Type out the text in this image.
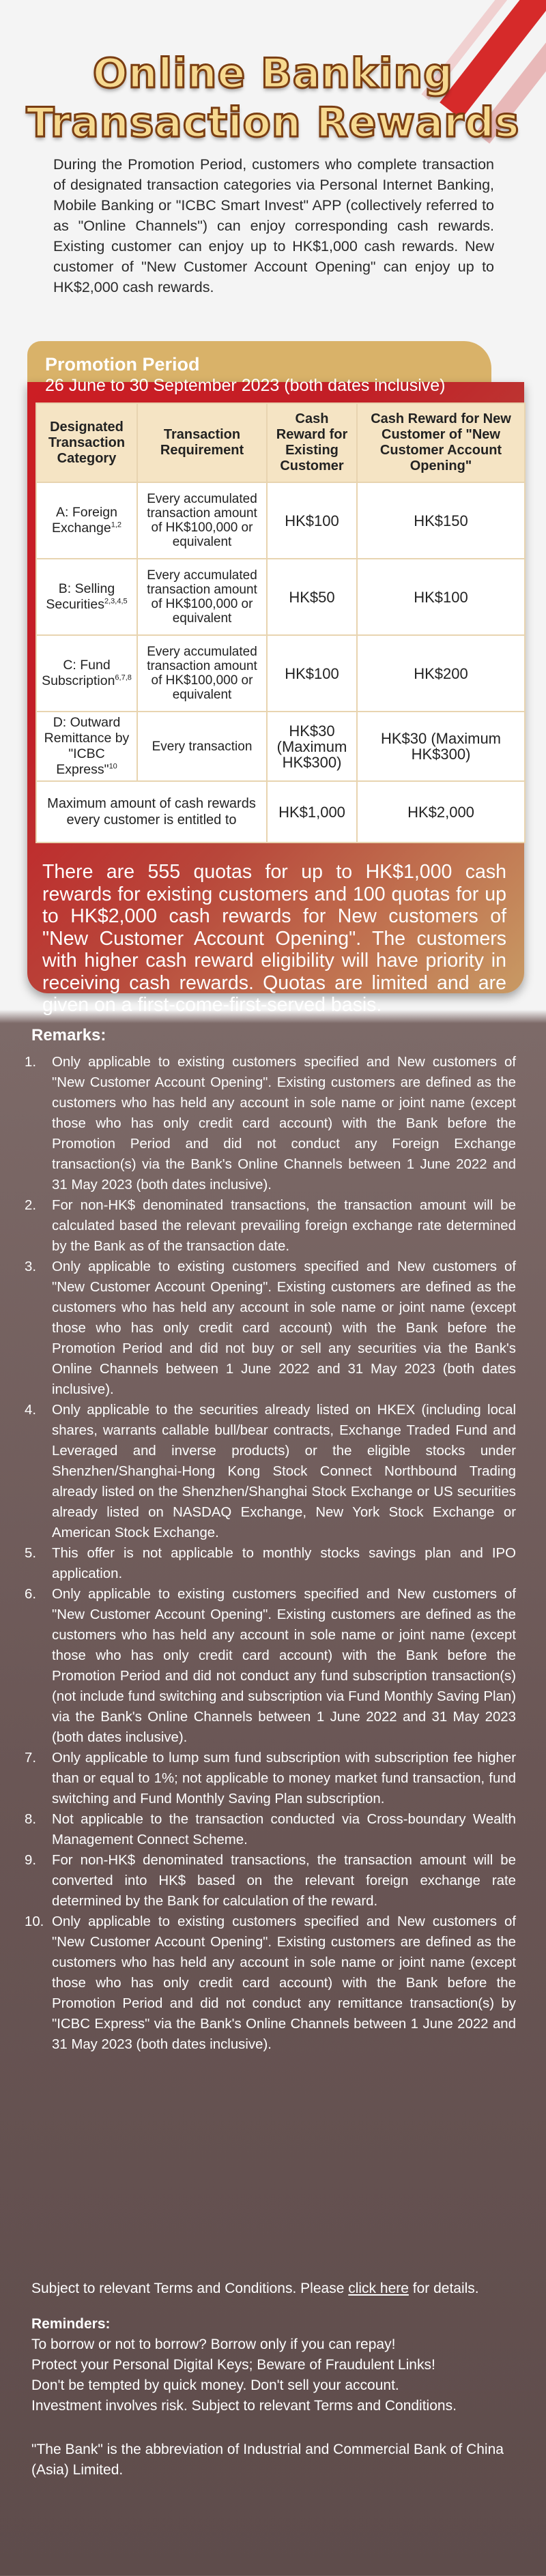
Online Banking
Transaction Rewards

During the Promotion Period, customers who complete transaction of designated transaction categories via Personal Internet Banking, Mobile Banking or "ICBC Smart Invest" APP (collectively referred to as "Online Channels") can enjoy corresponding cash rewards. Existing customer can enjoy up to HK$1,000 cash rewards. New customer of "New Customer Account Opening" can enjoy up to HK$2,000 cash rewards.

Promotion Period
26 June to 30 September 2023 (both dates inclusive)
Designated Transaction Category	Transaction Requirement	Cash Reward for Existing Customer	Cash Reward for New Customer of "New Customer Account Opening"
A: Foreign Exchange$^{1,2}$	Every accumulated transaction amount of HK$100,000 or equivalent	HK$100	HK$150
B: Selling Securities$^{2,3,4,5}$	Every accumulated transaction amount of HK$100,000 or equivalent	HK$50	HK$100
C: Fund Subscription$^{6,7,8}$	Every accumulated transaction amount of HK$100,000 or equivalent	HK$100	HK$200
D: Outward Remittance by "ICBC Express"$^{10}$	Every transaction	HK$30 (Maximum HK$300)	HK$30 (Maximum HK$300)
Maximum amount of cash rewards every customer is entitled to		HK$1,000	HK$2,000

There are 555 quotas for up to HK$1,000 cash rewards for existing customers and 100 quotas for up to HK$2,000 cash rewards for New customers of "New Customer Account Opening". The customers with higher cash reward eligibility will have priority in receiving cash rewards. Quotas are limited and are given on a first-come-first-served basis.

Remarks:
1.	Only applicable to existing customers specified and New customers of "New Customer Account Opening". Existing customers are defined as the customers who has held any account in sole name or joint name (except those who has only credit card account) with the Bank before the Promotion Period and did not conduct any Foreign Exchange transaction(s) via the Bank's Online Channels between 1 June 2022 and 31 May 2023 (both dates inclusive).
2.	For non-HK$ denominated transactions, the transaction amount will be calculated based the relevant prevailing foreign exchange rate determined by the Bank as of the transaction date.
3.	Only applicable to existing customers specified and New customers of "New Customer Account Opening". Existing customers are defined as the customers who has held any account in sole name or joint name (except those who has only credit card account) with the Bank before the Promotion Period and did not buy or sell any securities via the Bank's Online Channels between 1 June 2022 and 31 May 2023 (both dates inclusive).
4.	Only applicable to the securities already listed on HKEX (including local shares, warrants callable bull/bear contracts, Exchange Traded Fund and Leveraged and inverse products) or the eligible stocks under Shenzhen/Shanghai-Hong Kong Stock Connect Northbound Trading already listed on the Shenzhen/Shanghai Stock Exchange or US securities already listed on NASDAQ Exchange, New York Stock Exchange or American Stock Exchange.
5.	This offer is not applicable to monthly stocks savings plan and IPO application.
6.	Only applicable to existing customers specified and New customers of "New Customer Account Opening". Existing customers are defined as the customers who has held any account in sole name or joint name (except those who has only credit card account) with the Bank before the Promotion Period and did not conduct any fund subscription transaction(s) (not include fund switching and subscription via Fund Monthly Saving Plan) via the Bank's Online Channels between 1 June 2022 and 31 May 2023 (both dates inclusive).
7.	Only applicable to lump sum fund subscription with subscription fee higher than or equal to 1%; not applicable to money market fund transaction, fund switching and Fund Monthly Saving Plan subscription.
8.	Not applicable to the transaction conducted via Cross-boundary Wealth Management Connect Scheme.
9.	For non-HK$ denominated transactions, the transaction amount will be converted into HK$ based on the relevant foreign exchange rate determined by the Bank for calculation of the reward.
10. Only applicable to existing customers specified and New customers of "New Customer Account Opening". Existing customers are defined as the customers who has held any account in sole name or joint name (except those who has only credit card account) with the Bank before the Promotion Period and did not conduct any remittance transaction(s) by "ICBC Express" via the Bank's Online Channels between 1 June 2022 and 31 May 2023 (both dates inclusive).

Subject to relevant Terms and Conditions. Please click here for details.

Reminders:
To borrow or not to borrow? Borrow only if you can repay!
Protect your Personal Digital Keys; Beware of Fraudulent Links!
Don't be tempted by quick money. Don't sell your account.
Investment involves risk. Subject to relevant Terms and Conditions.

"The Bank" is the abbreviation of Industrial and Commercial Bank of China (Asia) Limited.
